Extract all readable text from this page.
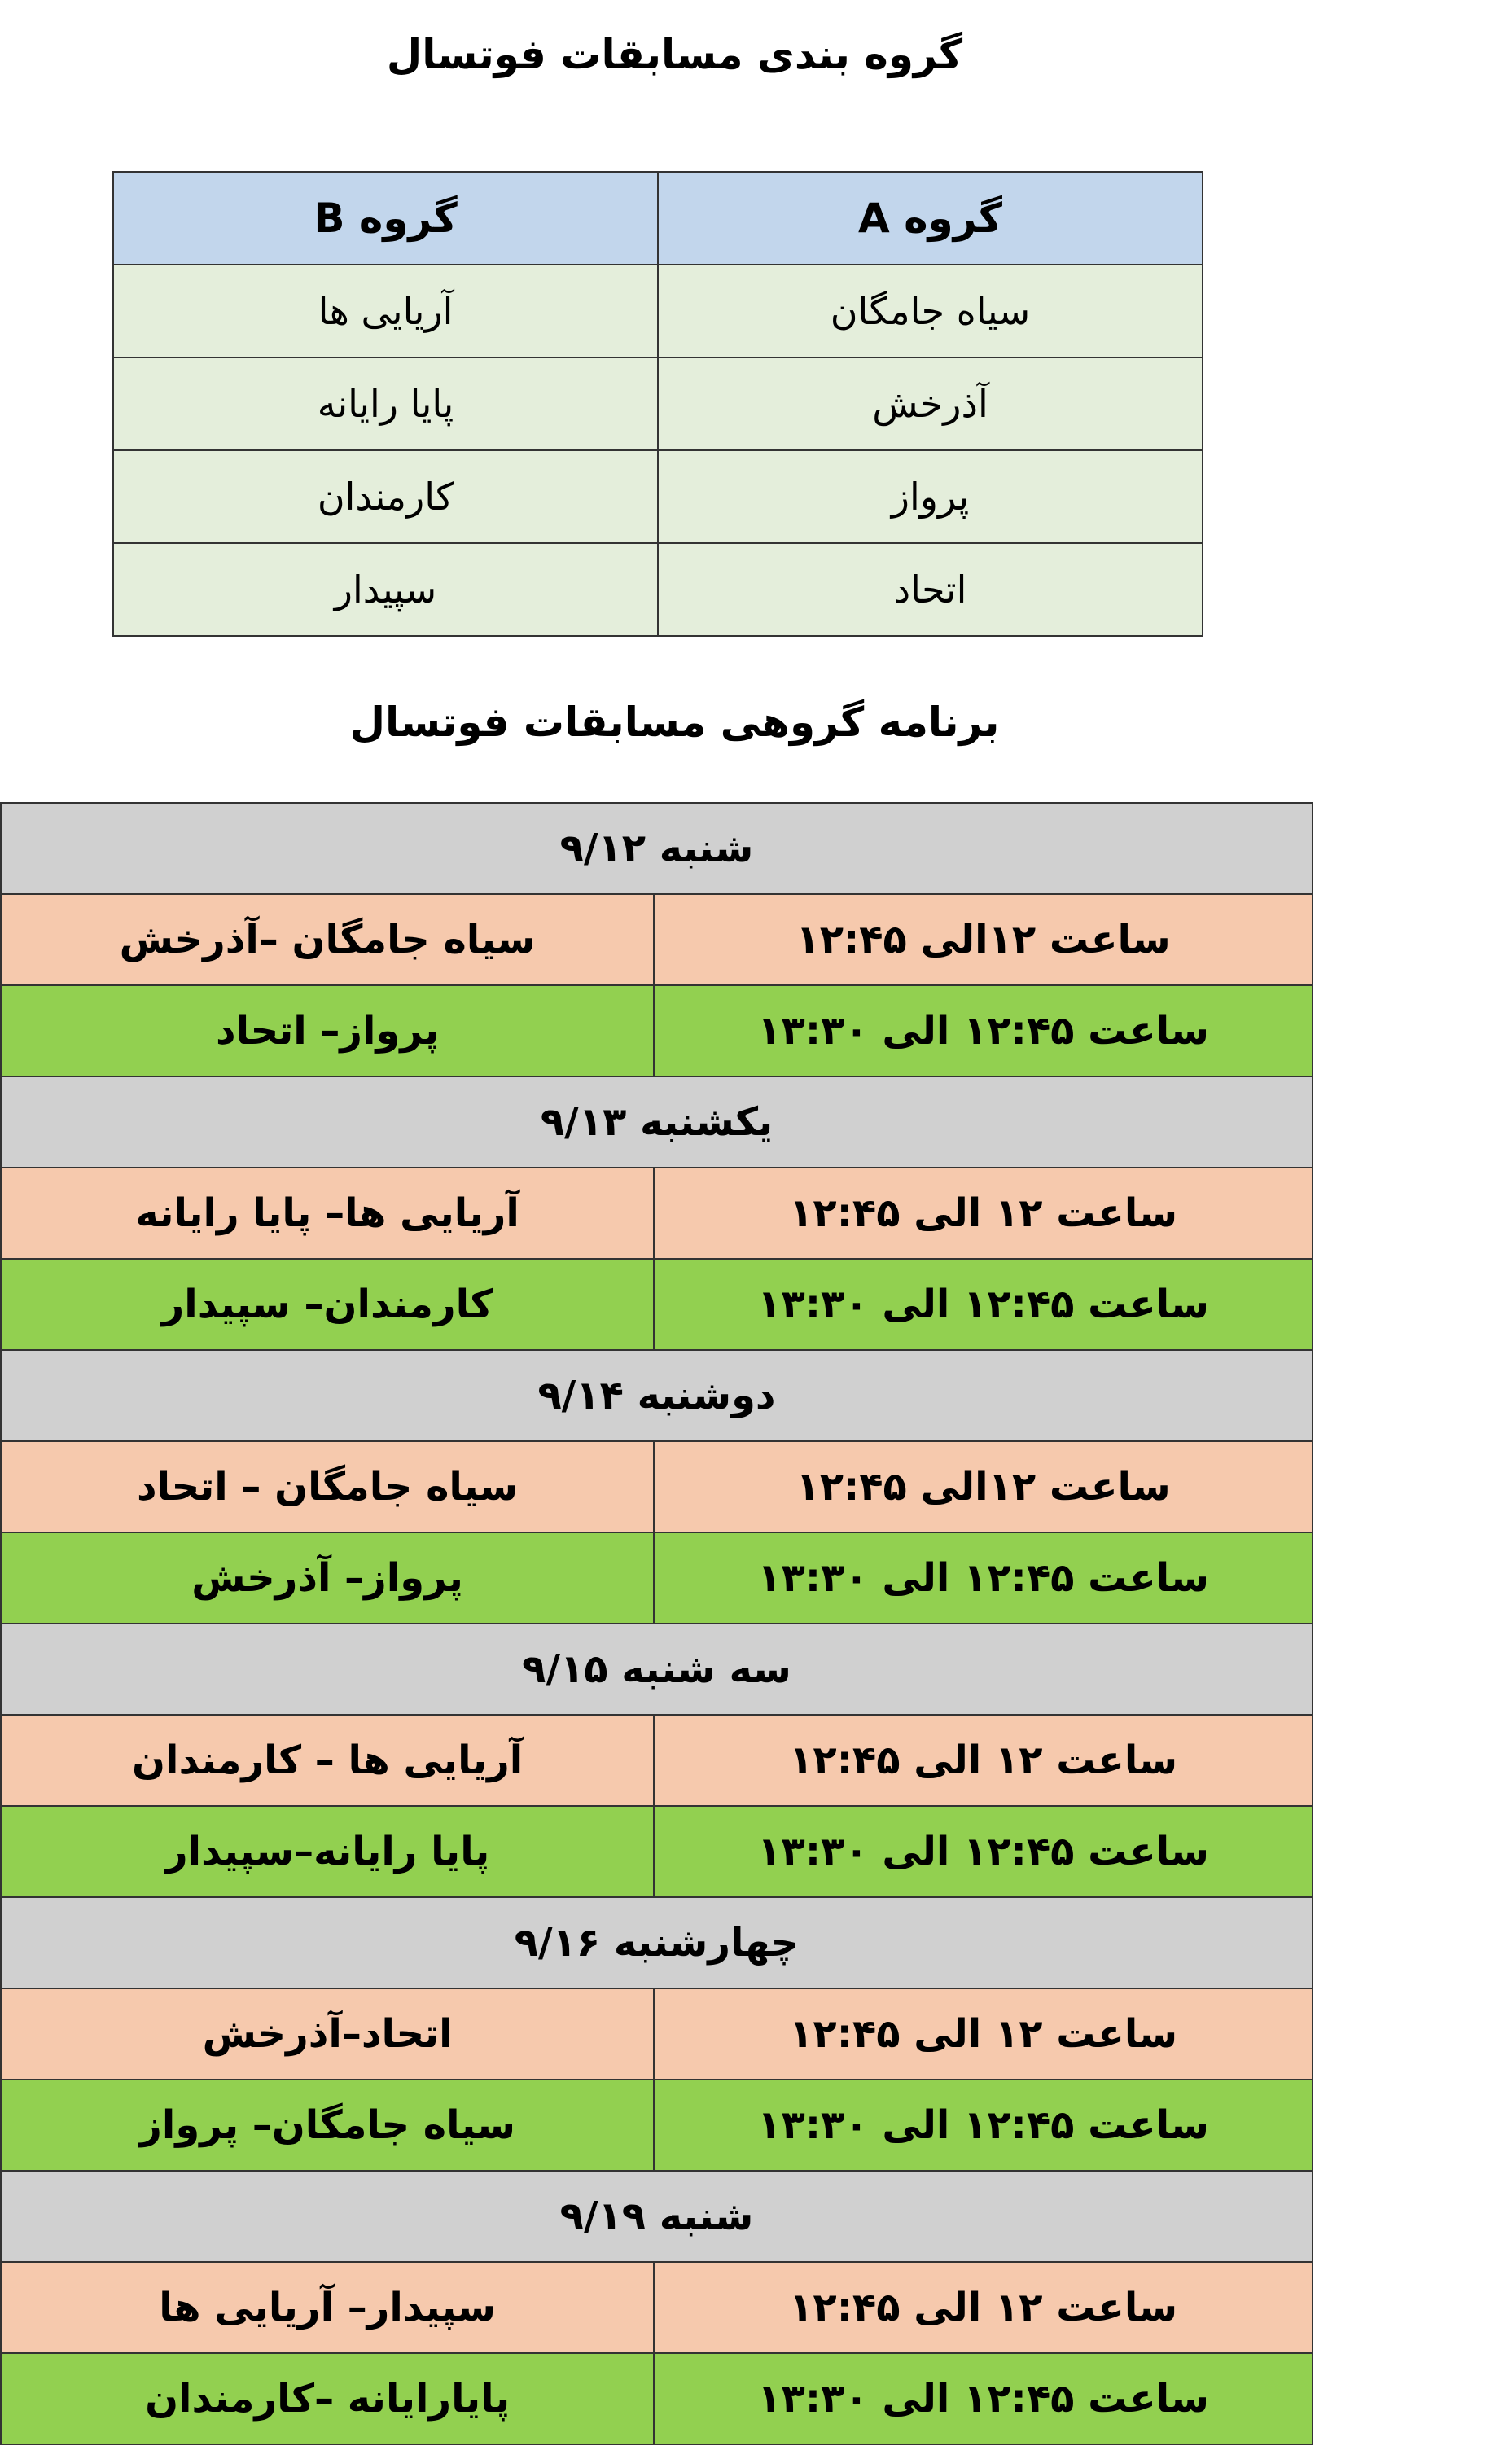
گروه بندی مسابقات فوتسال
گروه A	گروه B
سیاه جامگان	آریایی ها
آذرخش	پایا رایانه
پرواز	کارمندان
اتحاد	سپیدار
برنامه گروهی مسابقات فوتسال
شنبه ۹/۱۲	
ساعت ۱۲الی ۱۲:۴۵	سیاه جامگان –آذرخش
ساعت ۱۲:۴۵ الی ۱۳:۳۰	پرواز– اتحاد
یکشنبه ۹/۱۳	
ساعت ۱۲ الی ۱۲:۴۵	آریایی ها– پایا رایانه
ساعت ۱۲:۴۵ الی ۱۳:۳۰	کارمندان– سپیدار
دوشنبه ۹/۱۴	
ساعت ۱۲الی ۱۲:۴۵	سیاه جامگان – اتحاد
ساعت ۱۲:۴۵ الی ۱۳:۳۰	پرواز– آذرخش
سه شنبه ۹/۱۵	
ساعت ۱۲ الی ۱۲:۴۵	آریایی ها – کارمندان
ساعت ۱۲:۴۵ الی ۱۳:۳۰	پایا رایانه–سپیدار
چهارشنبه ۹/۱۶	
ساعت ۱۲ الی ۱۲:۴۵	اتحاد–آذرخش
ساعت ۱۲:۴۵ الی ۱۳:۳۰	سیاه جامگان– پرواز
شنبه ۹/۱۹	
ساعت ۱۲ الی ۱۲:۴۵	سپیدار– آریایی ها
ساعت ۱۲:۴۵ الی ۱۳:۳۰	پایارایانه –کارمندان
